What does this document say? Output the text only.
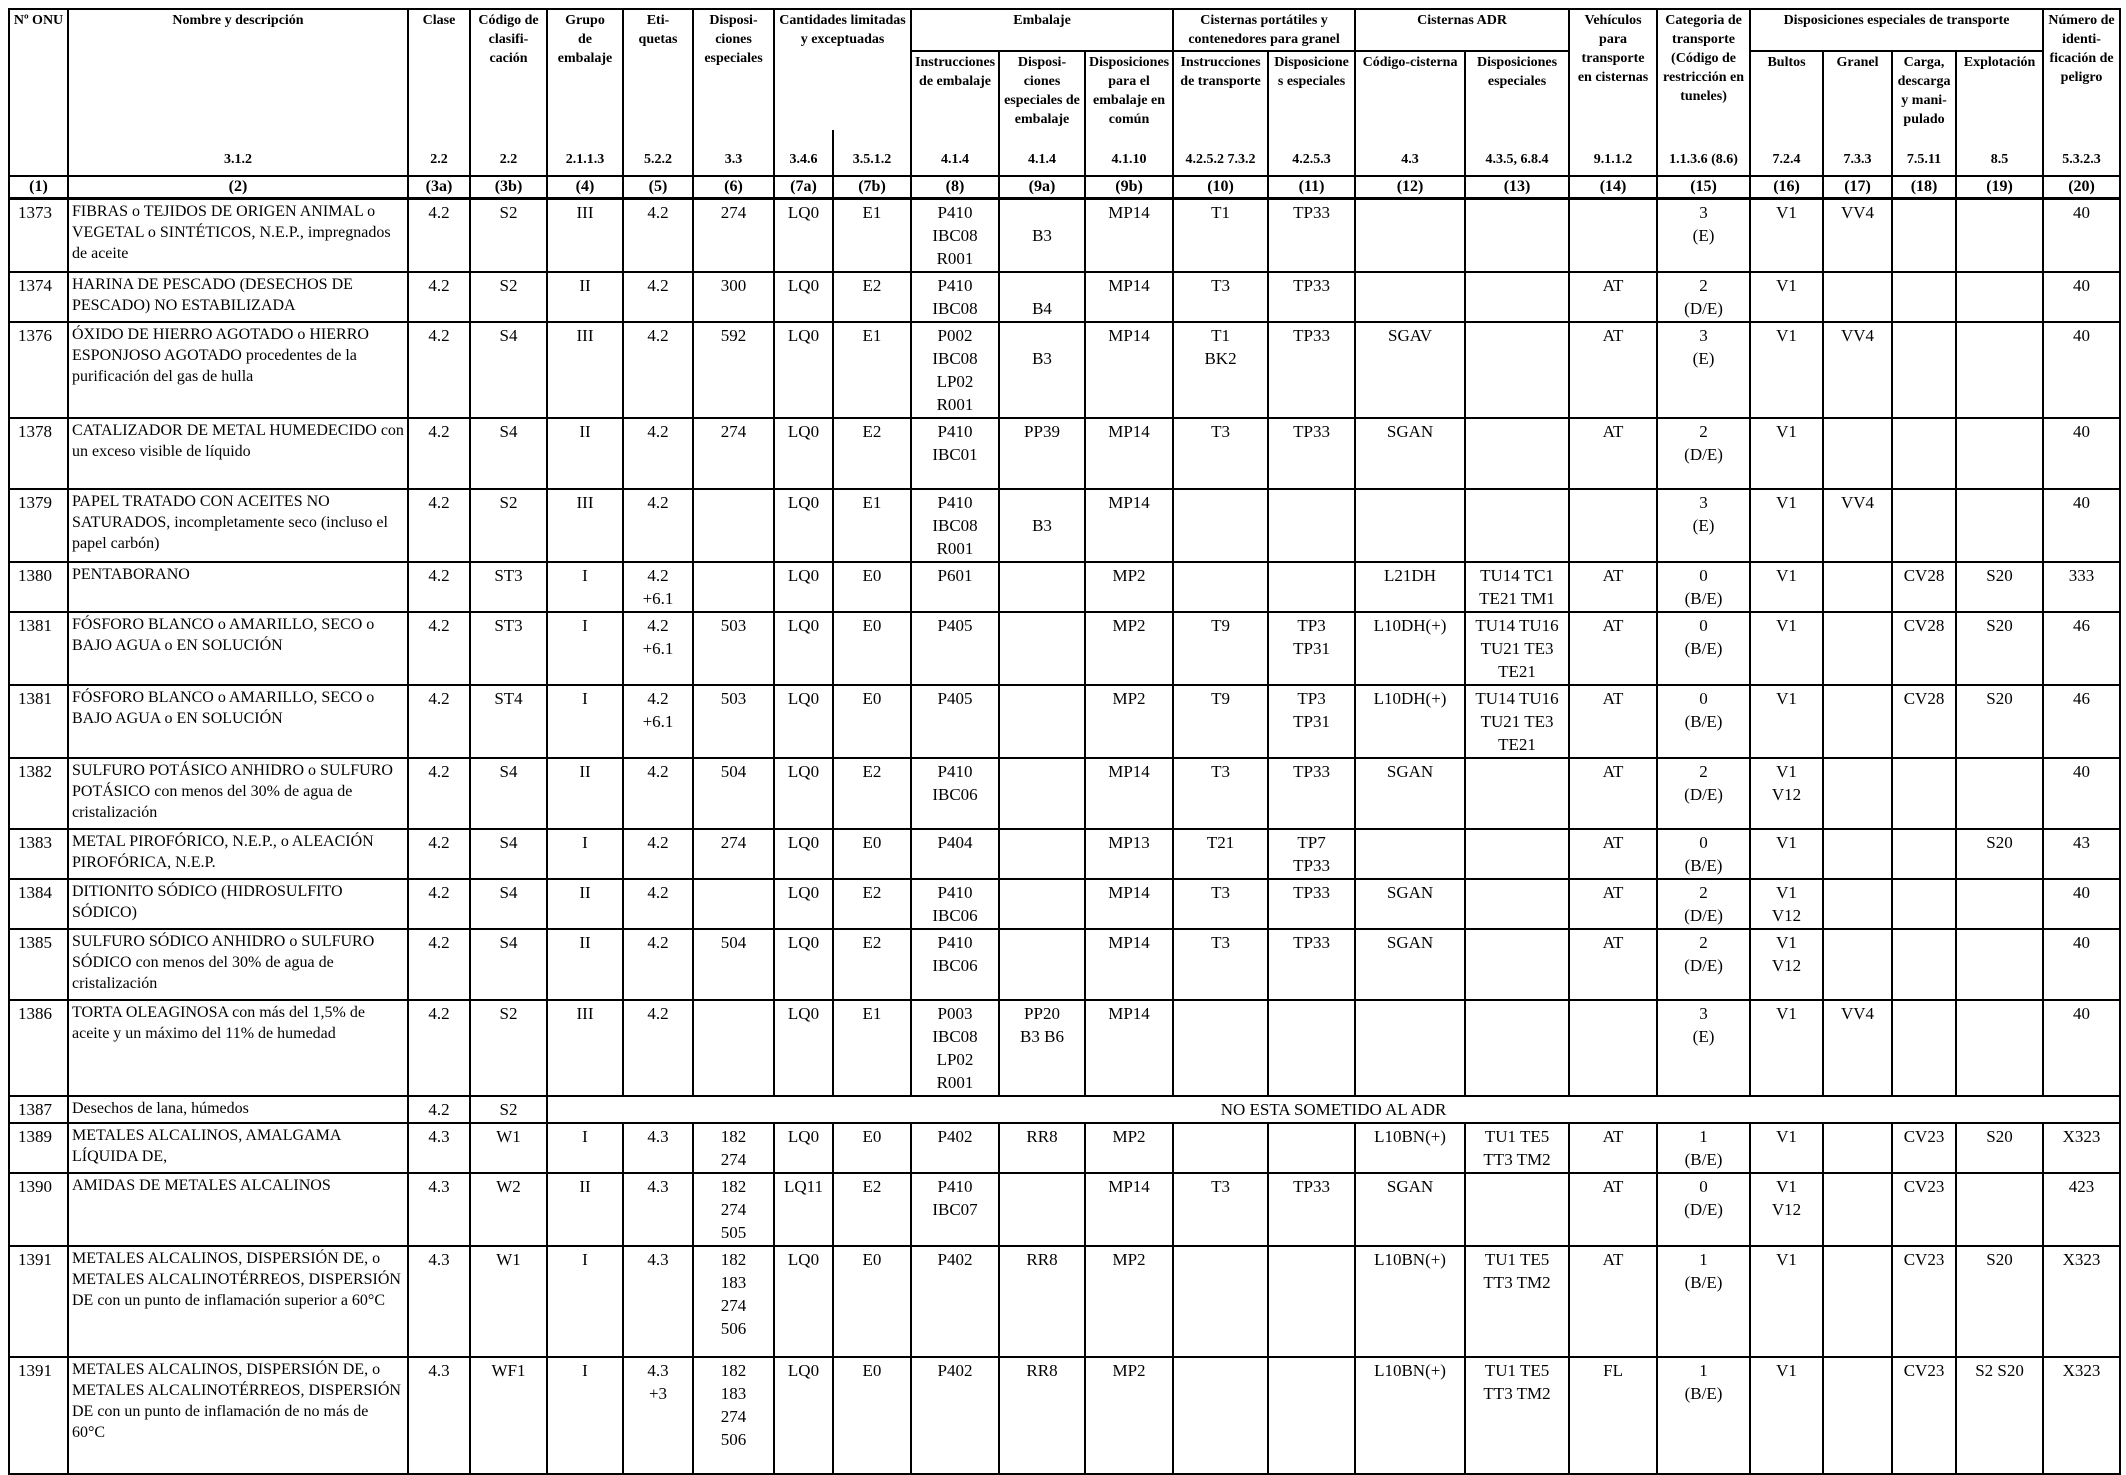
Nº ONU	Nombre y descripción	Clase	Código de
clasifi-
cación	Grupo
de
embalaje	Eti-
quetas	Disposi-
ciones
especiales	Cantidades limitadas y exceptuadas		Embalaje			Cisternas portátiles y contenedores para granel		Cisternas ADR		Vehículos para transporte en cisternas	Categoria de transporte (Código de restricción en tuneles)	Disposiciones especiales de transporte				Número de identi-ficación de peligro
									Instrucciones de embalaje	Disposi-ciones especiales de embalaje	Disposiciones para el embalaje en común	Instrucciones de transporte	Disposicione s especiales	Código-cisterna	Disposiciones especiales			Bultos	Granel	Carga, descarga y mani-pulado	Explotación	
	3.1.2	2.2	2.2	2.1.1.3	5.2.2	3.3	3.4.6	3.5.1.2	4.1.4	4.1.4	4.1.10	4.2.5.2 7.3.2	4.2.5.3	4.3	4.3.5, 6.8.4	9.1.1.2	1.1.3.6 (8.6)	7.2.4	7.3.3	7.5.11	8.5	5.3.2.3
(1)	(2)	(3a)	(3b)	(4)	(5)	(6)	(7a)	(7b)	(8)	(9a)	(9b)	(10)	(11)	(12)	(13)	(14)	(15)	(16)	(17)	(18)	(19)	(20)
1373	FIBRAS o TEJIDOS DE ORIGEN ANIMAL o VEGETAL o SINTÉTICOS, N.E.P., impregnados de aceite	4.2	S2	III	4.2	274	LQ0	E1	P410
IBC08
R001	B3	MP14	T1	TP33				3
(E)	V1	VV4			40

1374	HARINA DE PESCADO (DESECHOS DE PESCADO) NO ESTABILIZADA	4.2	S2	II	4.2	300	LQ0	E2	P410
IBC08	B4	MP14	T3	TP33			AT	2
(D/E)	V1				40

1376	ÓXIDO DE HIERRO AGOTADO o HIERRO ESPONJOSO AGOTADO procedentes de la purificación del gas de hulla	4.2	S4	III	4.2	592	LQ0	E1	P002
IBC08
LP02
R001	B3	MP14	T1
BK2	TP33	SGAV		AT	3
(E)	V1	VV4			40

1378	CATALIZADOR DE METAL HUMEDECIDO con un exceso visible de líquido	4.2	S4	II	4.2	274	LQ0	E2	P410
IBC01	PP39	MP14	T3	TP33	SGAN		AT	2
(D/E)	V1				40

1379	PAPEL TRATADO CON ACEITES NO SATURADOS, incompletamente seco (incluso el papel carbón)	4.2	S2	III	4.2		LQ0	E1	P410
IBC08
R001	B3	MP14						3
(E)	V1	VV4			40

1380	PENTABORANO	4.2	ST3	I	4.2
+6.1		LQ0	E0	P601		MP2			L21DH	TU14 TC1
TE21 TM1	AT	0
(B/E)	V1		CV28	S20	333

1381	FÓSFORO BLANCO o AMARILLO, SECO o BAJO AGUA o EN SOLUCIÓN	4.2	ST3	I	4.2
+6.1	503	LQ0	E0	P405		MP2	T9	TP3
TP31	L10DH(+)	TU14 TU16
TU21 TE3
TE21	AT	0
(B/E)	V1		CV28	S20	46

1381	FÓSFORO BLANCO o AMARILLO, SECO o BAJO AGUA o EN SOLUCIÓN	4.2	ST4	I	4.2
+6.1	503	LQ0	E0	P405		MP2	T9	TP3
TP31	L10DH(+)	TU14 TU16
TU21 TE3
TE21	AT	0
(B/E)	V1		CV28	S20	46

1382	SULFURO POTÁSICO ANHIDRO o SULFURO POTÁSICO con menos del 30% de agua de cristalización	4.2	S4	II	4.2	504	LQ0	E2	P410
IBC06		MP14	T3	TP33	SGAN		AT	2
(D/E)	V1
V12				40

1383	METAL PIROFÓRICO, N.E.P., o ALEACIÓN PIROFÓRICA, N.E.P.	4.2	S4	I	4.2	274	LQ0	E0	P404		MP13	T21	TP7
TP33			AT	0
(B/E)	V1			S20	43

1384	DITIONITO SÓDICO (HIDROSULFITO SÓDICO)	4.2	S4	II	4.2		LQ0	E2	P410
IBC06		MP14	T3	TP33	SGAN		AT	2
(D/E)	V1
V12				40

1385	SULFURO SÓDICO ANHIDRO o SULFURO SÓDICO con menos del 30% de agua de cristalización	4.2	S4	II	4.2	504	LQ0	E2	P410
IBC06		MP14	T3	TP33	SGAN		AT	2
(D/E)	V1
V12				40

1386	TORTA OLEAGINOSA con más del 1,5% de aceite y un máximo del 11% de humedad	4.2	S2	III	4.2		LQ0	E1	P003
IBC08
LP02
R001	PP20
B3 B6	MP14						3
(E)	V1	VV4			40

1387	Desechos de lana, húmedos	4.2	S2	NO ESTA SOMETIDO AL ADR																		
1389	METALES ALCALINOS, AMALGAMA LÍQUIDA DE,	4.3	W1	I	4.3	182
274	LQ0	E0	P402	RR8	MP2			L10BN(+)	TU1 TE5
TT3 TM2	AT	1
(B/E)	V1		CV23	S20	X323

1390	AMIDAS DE METALES ALCALINOS	4.3	W2	II	4.3	182
274
505	LQ11	E2	P410
IBC07		MP14	T3	TP33	SGAN		AT	0
(D/E)	V1
V12		CV23		423

1391	METALES ALCALINOS, DISPERSIÓN DE, o METALES ALCALINOTÉRREOS, DISPERSIÓN DE con un punto de inflamación superior a 60°C	4.3	W1	I	4.3	182
183
274
506	LQ0	E0	P402	RR8	MP2			L10BN(+)	TU1 TE5
TT3 TM2	AT	1
(B/E)	V1		CV23	S20	X323

1391	METALES ALCALINOS, DISPERSIÓN DE, o METALES ALCALINOTÉRREOS, DISPERSIÓN DE con un punto de inflamación de no más de 60°C	4.3	WF1	I	4.3
+3	182
183
274
506	LQ0	E0	P402	RR8	MP2			L10BN(+)	TU1 TE5
TT3 TM2	FL	1
(B/E)	V1		CV23	S2 S20	X323
